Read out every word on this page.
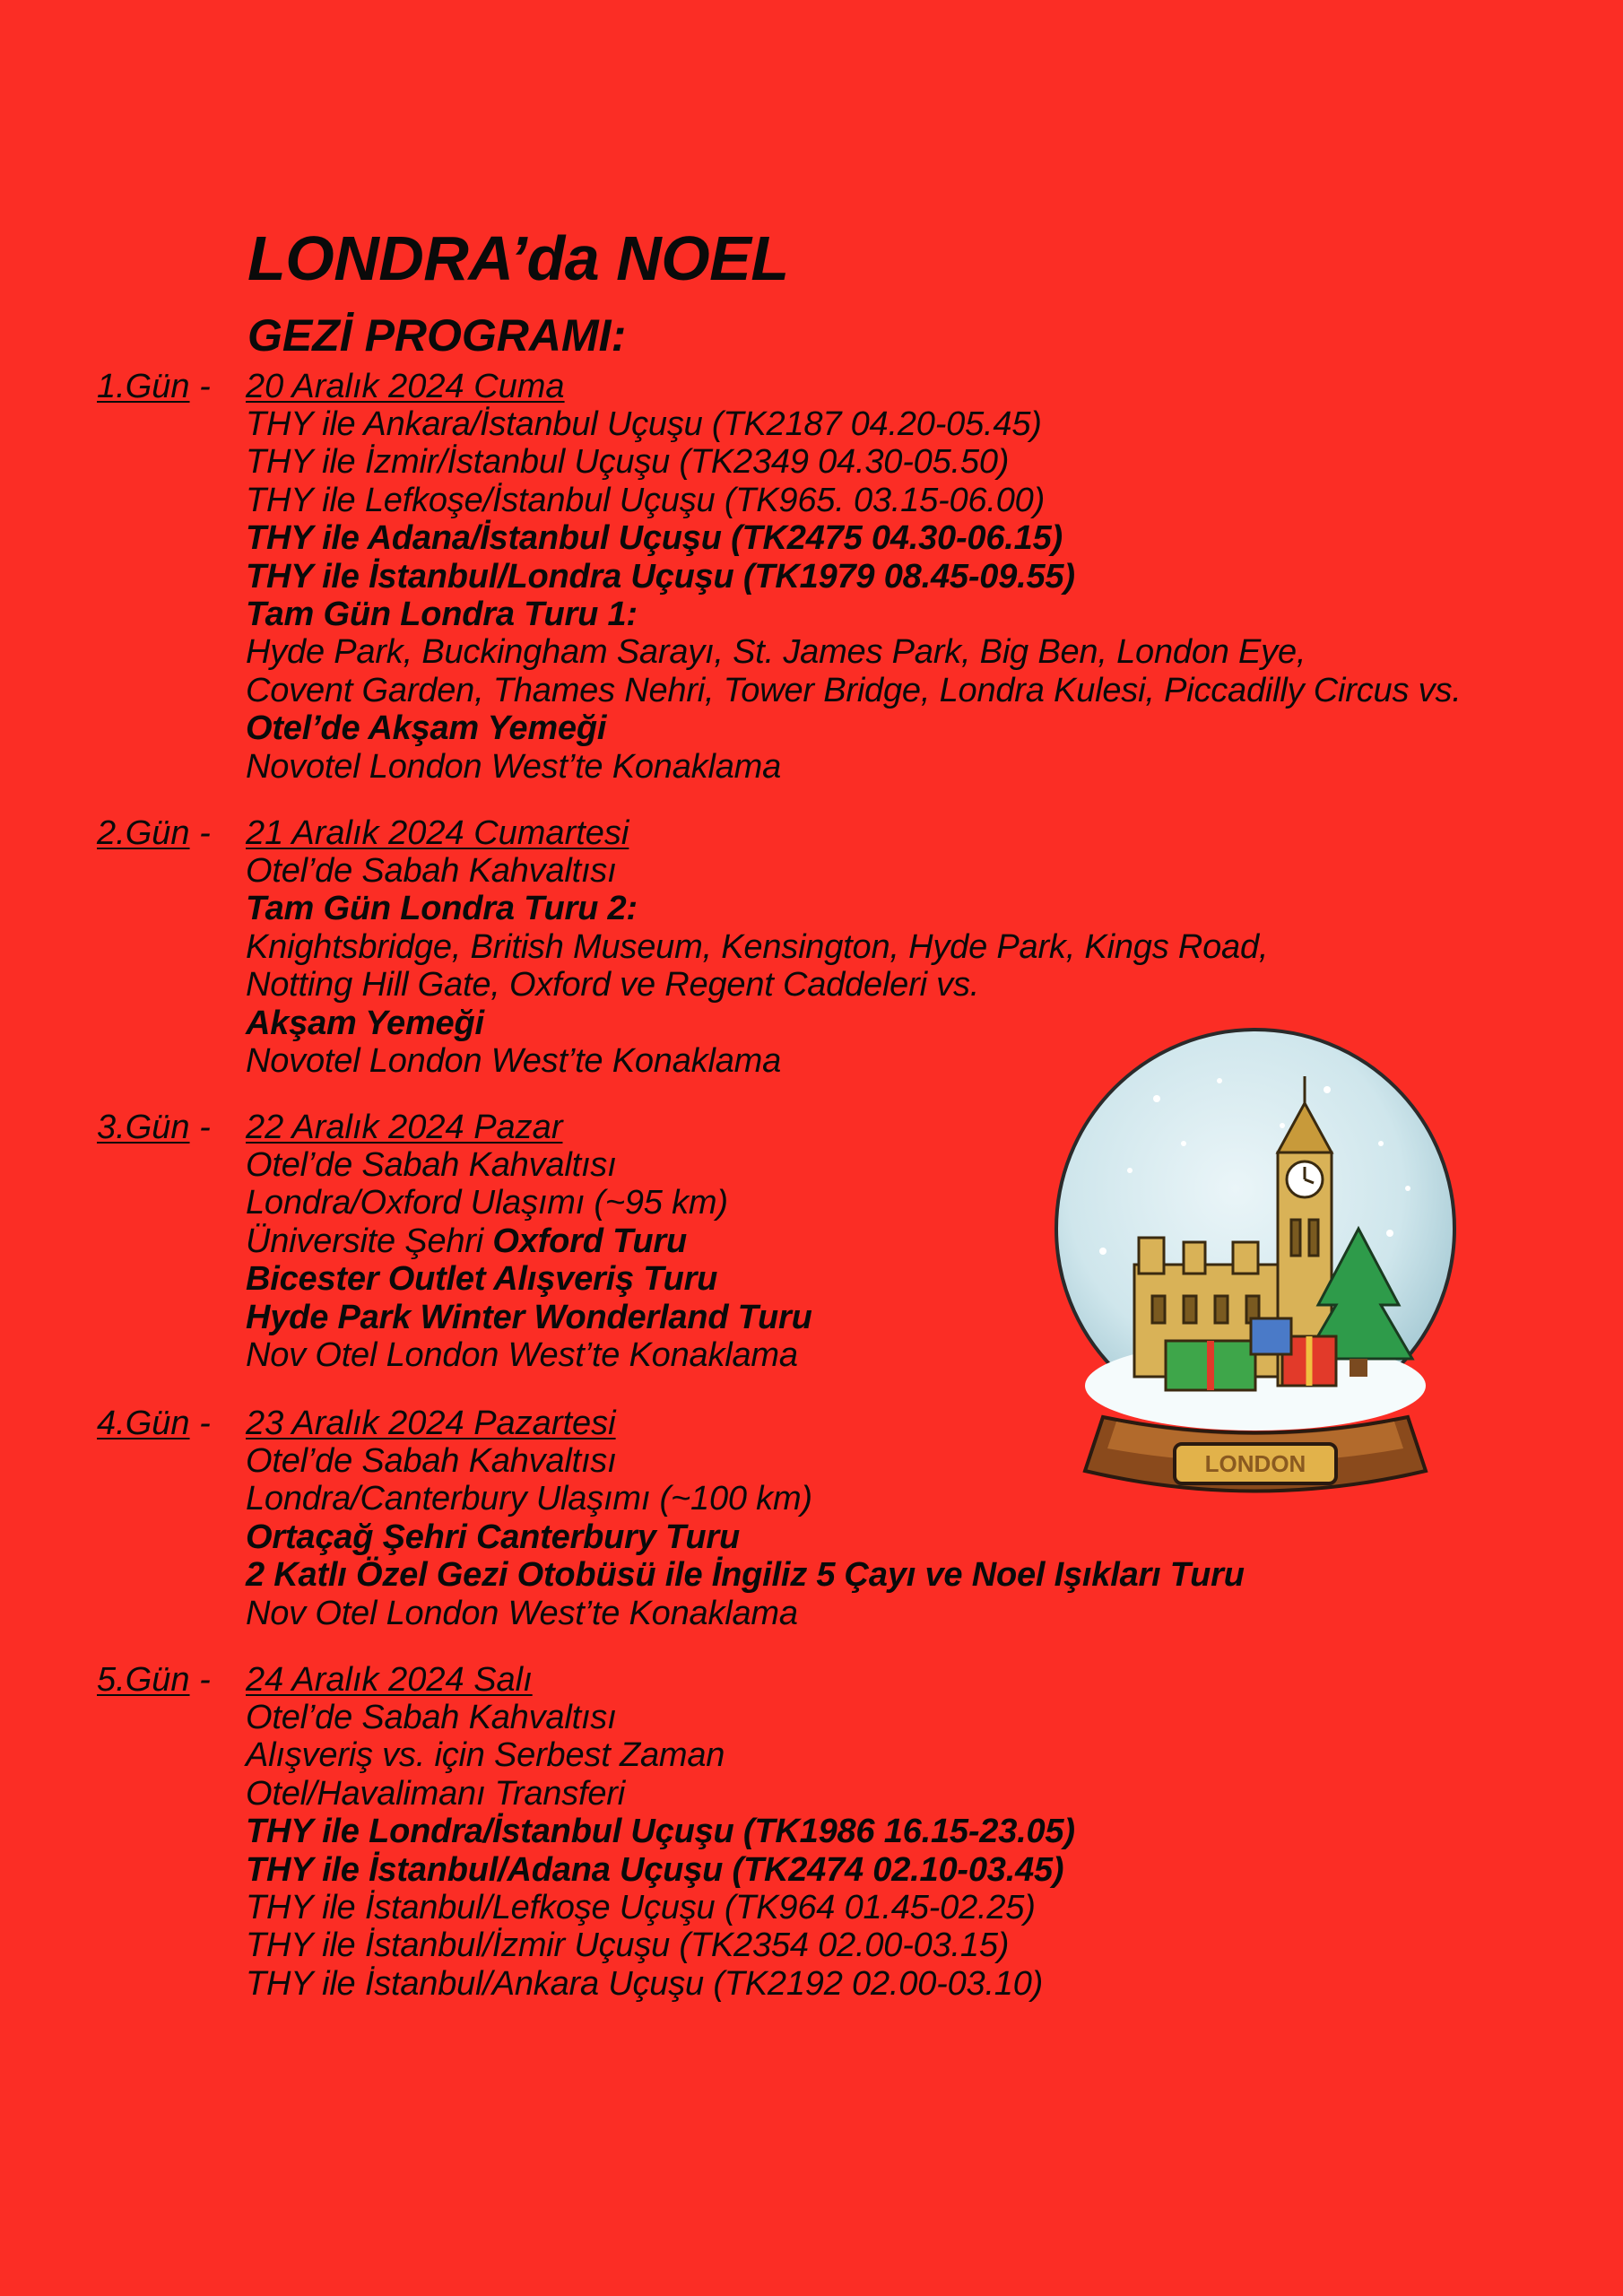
LONDRA’da NOEL
GEZİ PROGRAMI:
1.Gün - 20 Aralık 2024 Cuma
THY ile Ankara/İstanbul Uçuşu (TK2187 04.20-05.45)
THY ile İzmir/İstanbul Uçuşu (TK2349 04.30-05.50)
THY ile Lefkoşe/İstanbul Uçuşu (TK965. 03.15-06.00)
THY ile Adana/İstanbul Uçuşu (TK2475 04.30-06.15)
THY ile İstanbul/Londra Uçuşu (TK1979 08.45-09.55)
Tam Gün Londra Turu 1:
Hyde Park, Buckingham Sarayı, St. James Park, Big Ben, London Eye,
Covent Garden, Thames Nehri, Tower Bridge, Londra Kulesi, Piccadilly Circus vs.
Otel’de Akşam Yemeği
Novotel London West’te Konaklama
2.Gün - 21 Aralık 2024 Cumartesi
Otel’de Sabah Kahvaltısı
Tam Gün Londra Turu 2:
Knightsbridge, British Museum, Kensington, Hyde Park, Kings Road,
Notting Hill Gate, Oxford ve Regent Caddeleri vs.
Akşam Yemeği
Novotel London West’te Konaklama
3.Gün - 22 Aralık 2024 Pazar
Otel’de Sabah Kahvaltısı
Londra/Oxford Ulaşımı (~95 km)
Üniversite Şehri Oxford Turu
Bicester Outlet Alışveriş Turu
Hyde Park Winter Wonderland Turu
Nov Otel London West’te Konaklama
4.Gün - 23 Aralık 2024 Pazartesi
Otel’de Sabah Kahvaltısı
Londra/Canterbury Ulaşımı (~100 km)
Ortaçağ Şehri Canterbury Turu
2 Katlı Özel Gezi Otobüsü ile İngiliz 5 Çayı ve Noel Işıkları Turu
Nov Otel London West’te Konaklama
5.Gün - 24 Aralık 2024 Salı
Otel’de Sabah Kahvaltısı
Alışveriş vs. için Serbest Zaman
Otel/Havalimanı Transferi
THY ile Londra/İstanbul Uçuşu (TK1986 16.15-23.05)
THY ile İstanbul/Adana Uçuşu (TK2474 02.10-03.45)
THY ile İstanbul/Lefkoşe Uçuşu (TK964 01.45-02.25)
THY ile İstanbul/İzmir Uçuşu (TK2354 02.00-03.15)
THY ile İstanbul/Ankara Uçuşu (TK2192 02.00-03.10)
LONDON
